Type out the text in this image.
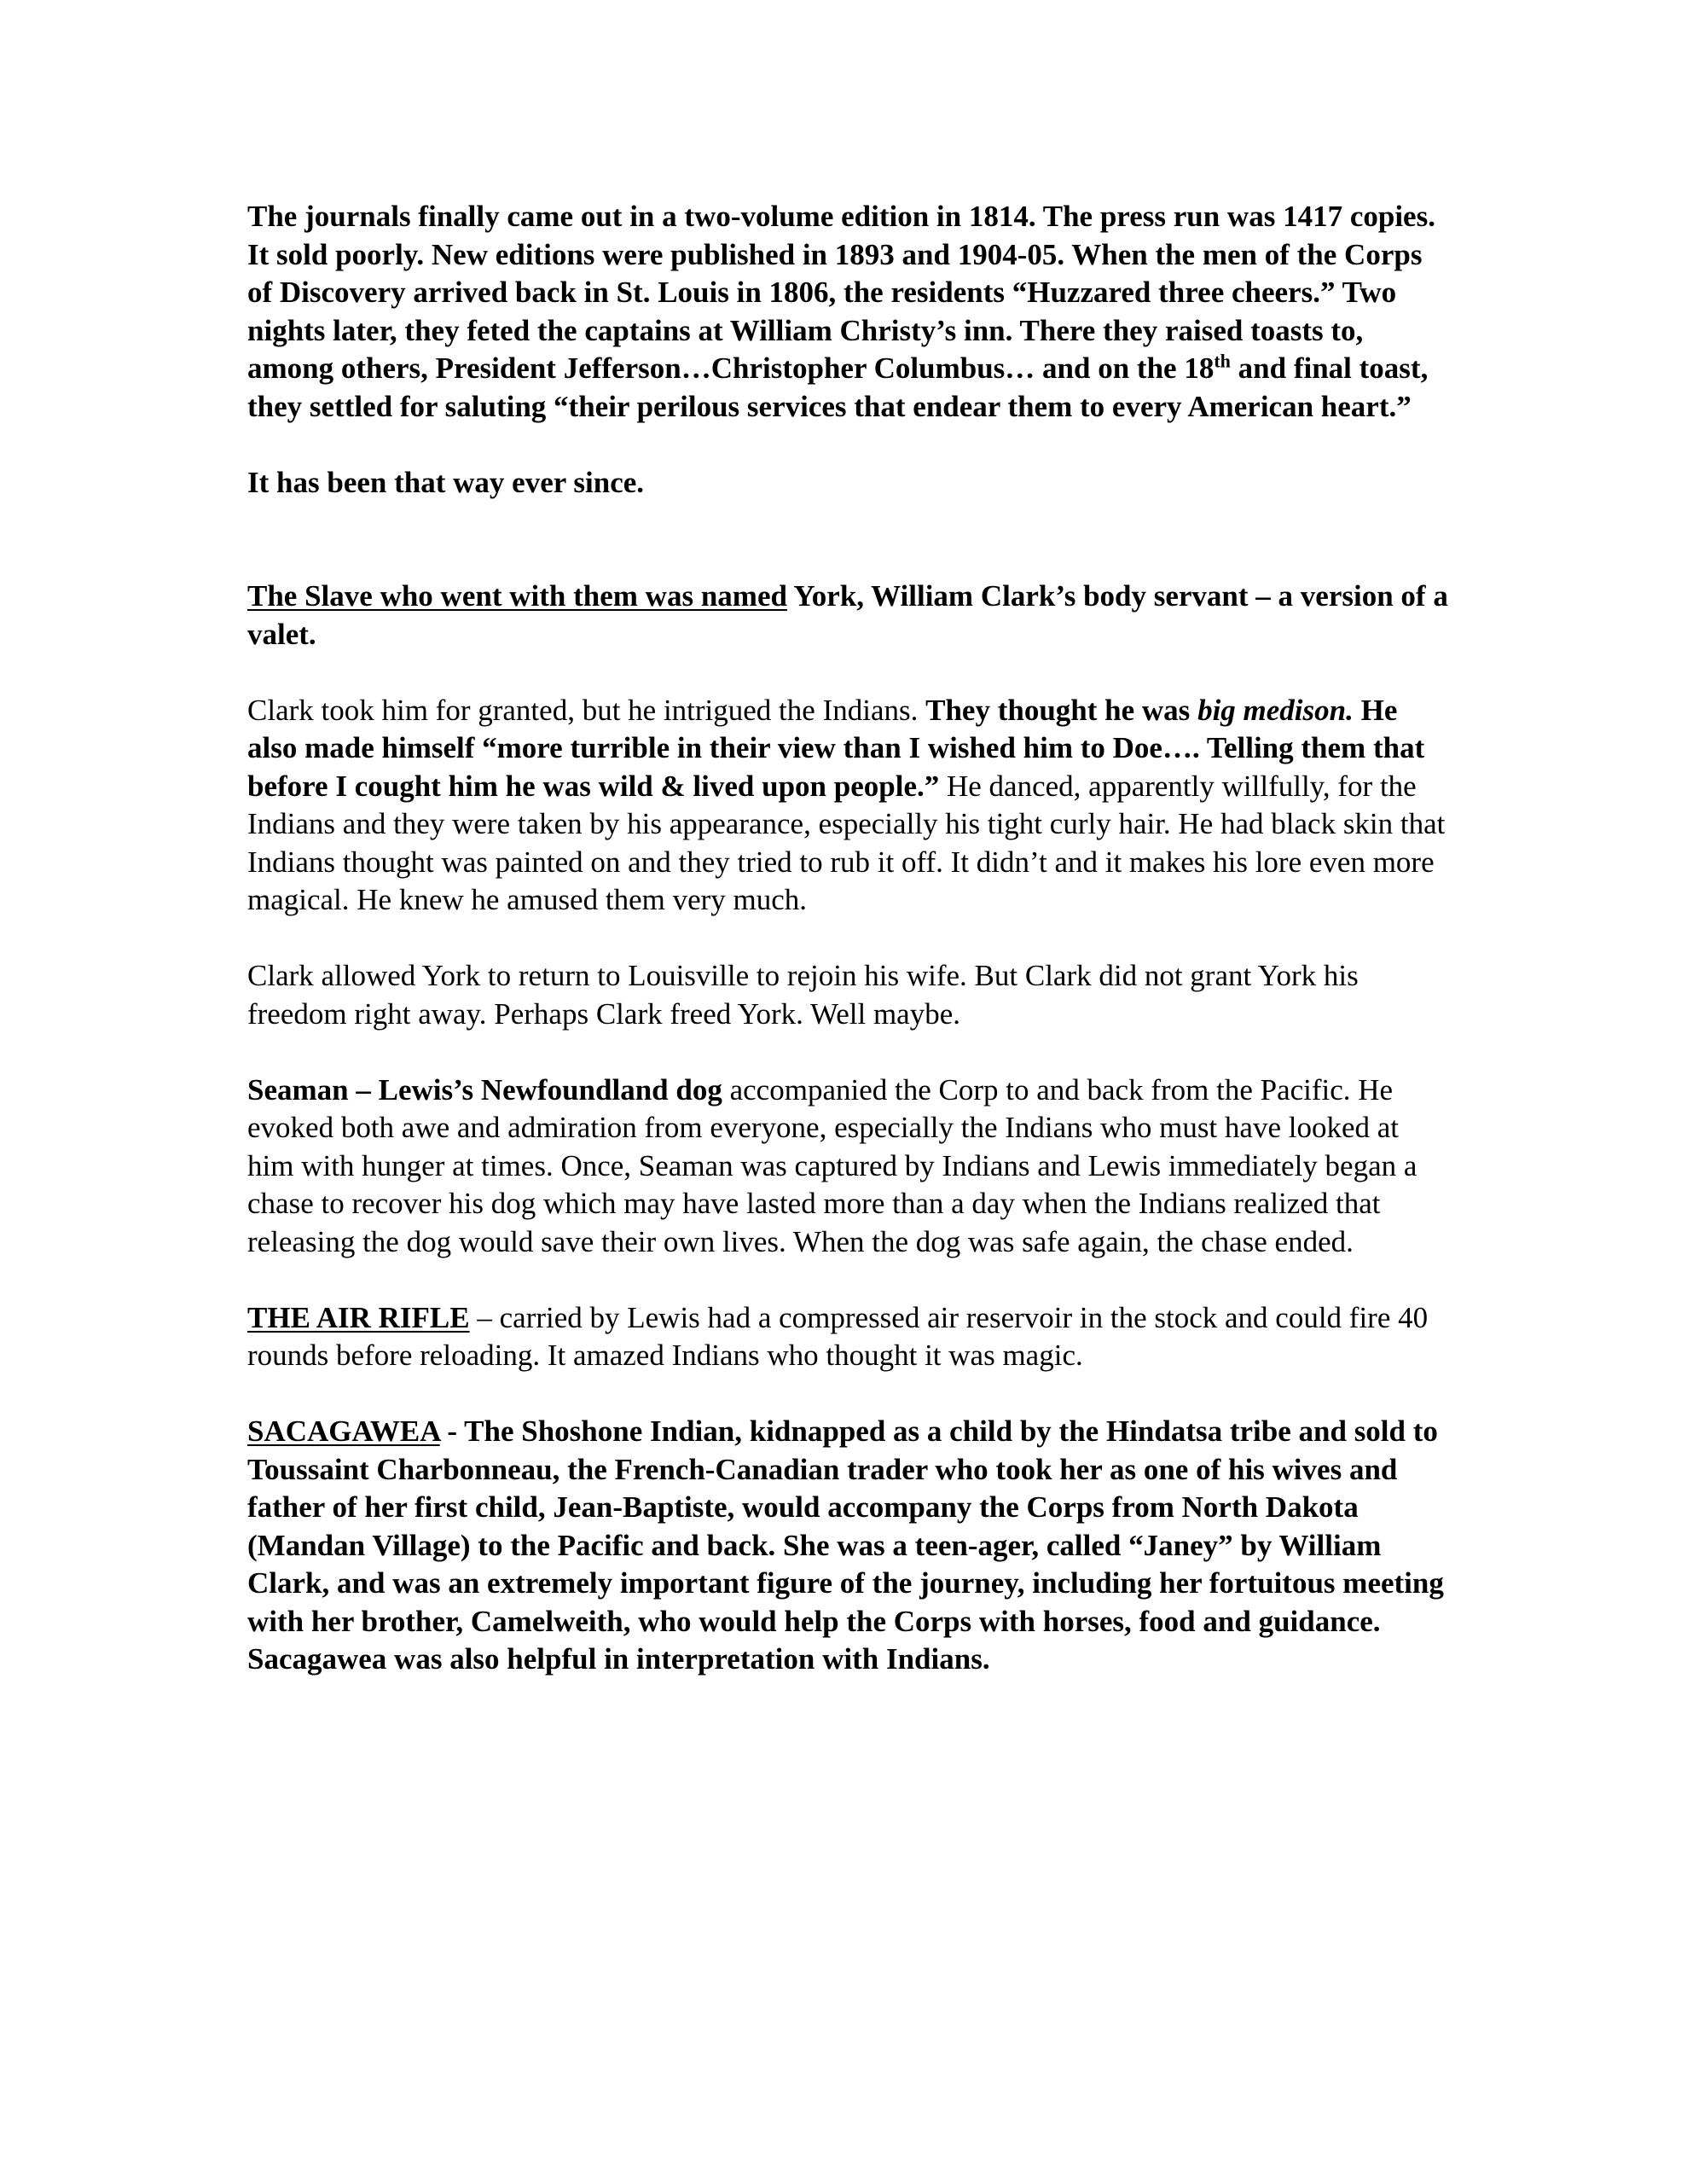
The journals finally came out in a two-volume edition in 1814. The press run was 1417 copies. It sold poorly. New editions were published in 1893 and 1904-05. When the men of the Corps of Discovery arrived back in St. Louis in 1806, the residents “Huzzared three cheers.” Two nights later, they feted the captains at William Christy’s inn. There they raised toasts to, among others, President Jefferson…Christopher Columbus… and on the 18th and final toast, they settled for saluting “their perilous services that endear them to every American heart.”

It has been that way ever since.

The Slave who went with them was named York, William Clark’s body servant – a version of a valet.

Clark took him for granted, but he intrigued the Indians. They thought he was big medison. He also made himself “more turrible in their view than I wished him to Doe…. Telling them that before I cought him he was wild & lived upon people.” He danced, apparently willfully, for the Indians and they were taken by his appearance, especially his tight curly hair. He had black skin that Indians thought was painted on and they tried to rub it off. It didn’t and it makes his lore even more magical. He knew he amused them very much.

Clark allowed York to return to Louisville to rejoin his wife. But Clark did not grant York his freedom right away. Perhaps Clark freed York. Well maybe.

Seaman – Lewis’s Newfoundland dog accompanied the Corp to and back from the Pacific. He evoked both awe and admiration from everyone, especially the Indians who must have looked at him with hunger at times. Once, Seaman was captured by Indians and Lewis immediately began a chase to recover his dog which may have lasted more than a day when the Indians realized that releasing the dog would save their own lives. When the dog was safe again, the chase ended.

THE AIR RIFLE – carried by Lewis had a compressed air reservoir in the stock and could fire 40 rounds before reloading. It amazed Indians who thought it was magic.

SACAGAWEA - The Shoshone Indian, kidnapped as a child by the Hindatsa tribe and sold to Toussaint Charbonneau, the French-Canadian trader who took her as one of his wives and father of her first child, Jean-Baptiste, would accompany the Corps from North Dakota (Mandan Village) to the Pacific and back. She was a teen-ager, called “Janey” by William Clark, and was an extremely important figure of the journey, including her fortuitous meeting with her brother, Camelweith, who would help the Corps with horses, food and guidance. Sacagawea was also helpful in interpretation with Indians.
